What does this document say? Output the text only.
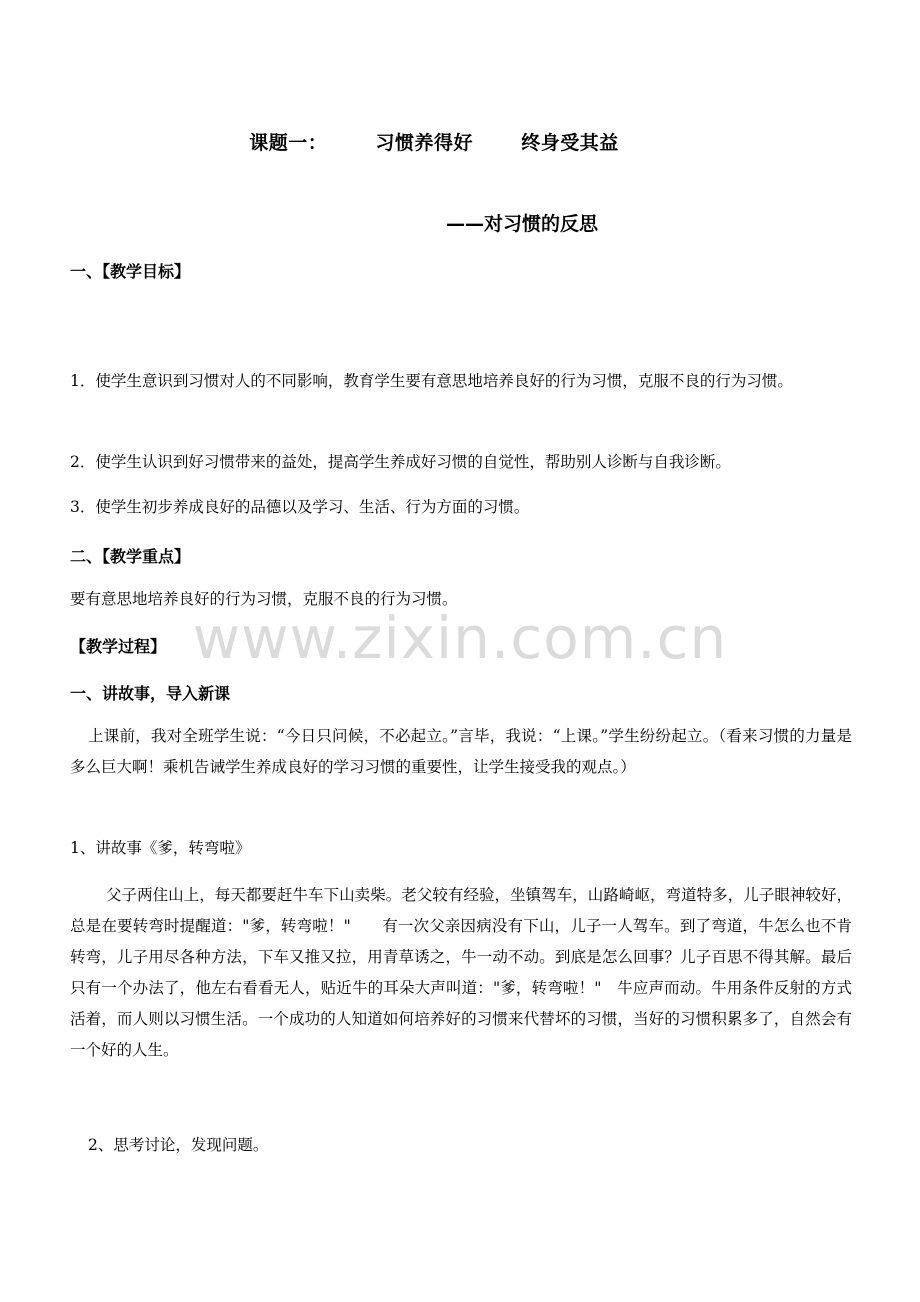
课题一：	习惯养得好	终身受其益
——对习惯的反思
一、【教学目标】
1．使学生意识到习惯对人的不同影响，教育学生要有意思地培养良好的行为习惯，克服不良的行为习惯。
2．使学生认识到好习惯带来的益处，提高学生养成好习惯的自觉性，帮助别人诊断与自我诊断。
3．使学生初步养成良好的品德以及学习、生活、行为方面的习惯。
二、【教学重点】
要有意思地培养良好的行为习惯，克服不良的行为习惯。
【教学过程】
一、讲故事，导入新课
上课前，我对全班学生说：“今日只问候，不必起立。”言毕，我说：“上课。”学生纷纷起立。（看来习惯的力量是多么巨大啊！乘机告诫学生养成良好的学习习惯的重要性，让学生接受我的观点。）
1、讲故事《爹，转弯啦》
父子两住山上，每天都要赶牛车下山卖柴。老父较有经验，坐镇驾车，山路崎岖，弯道特多，儿子眼神较好，总是在要转弯时提醒道："爹，转弯啦！"　　有一次父亲因病没有下山，儿子一人驾车。到了弯道，牛怎么也不肯转弯，儿子用尽各种方法，下车又推又拉，用青草诱之，牛一动不动。到底是怎么回事？儿子百思不得其解。最后只有一个办法了，他左右看看无人，贴近牛的耳朵大声叫道："爹，转弯啦！"　牛应声而动。牛用条件反射的方式活着，而人则以习惯生活。一个成功的人知道如何培养好的习惯来代替坏的习惯，当好的习惯积累多了，自然会有一个好的人生。
2、思考讨论，发现问题。
www.zixin.com.cn
